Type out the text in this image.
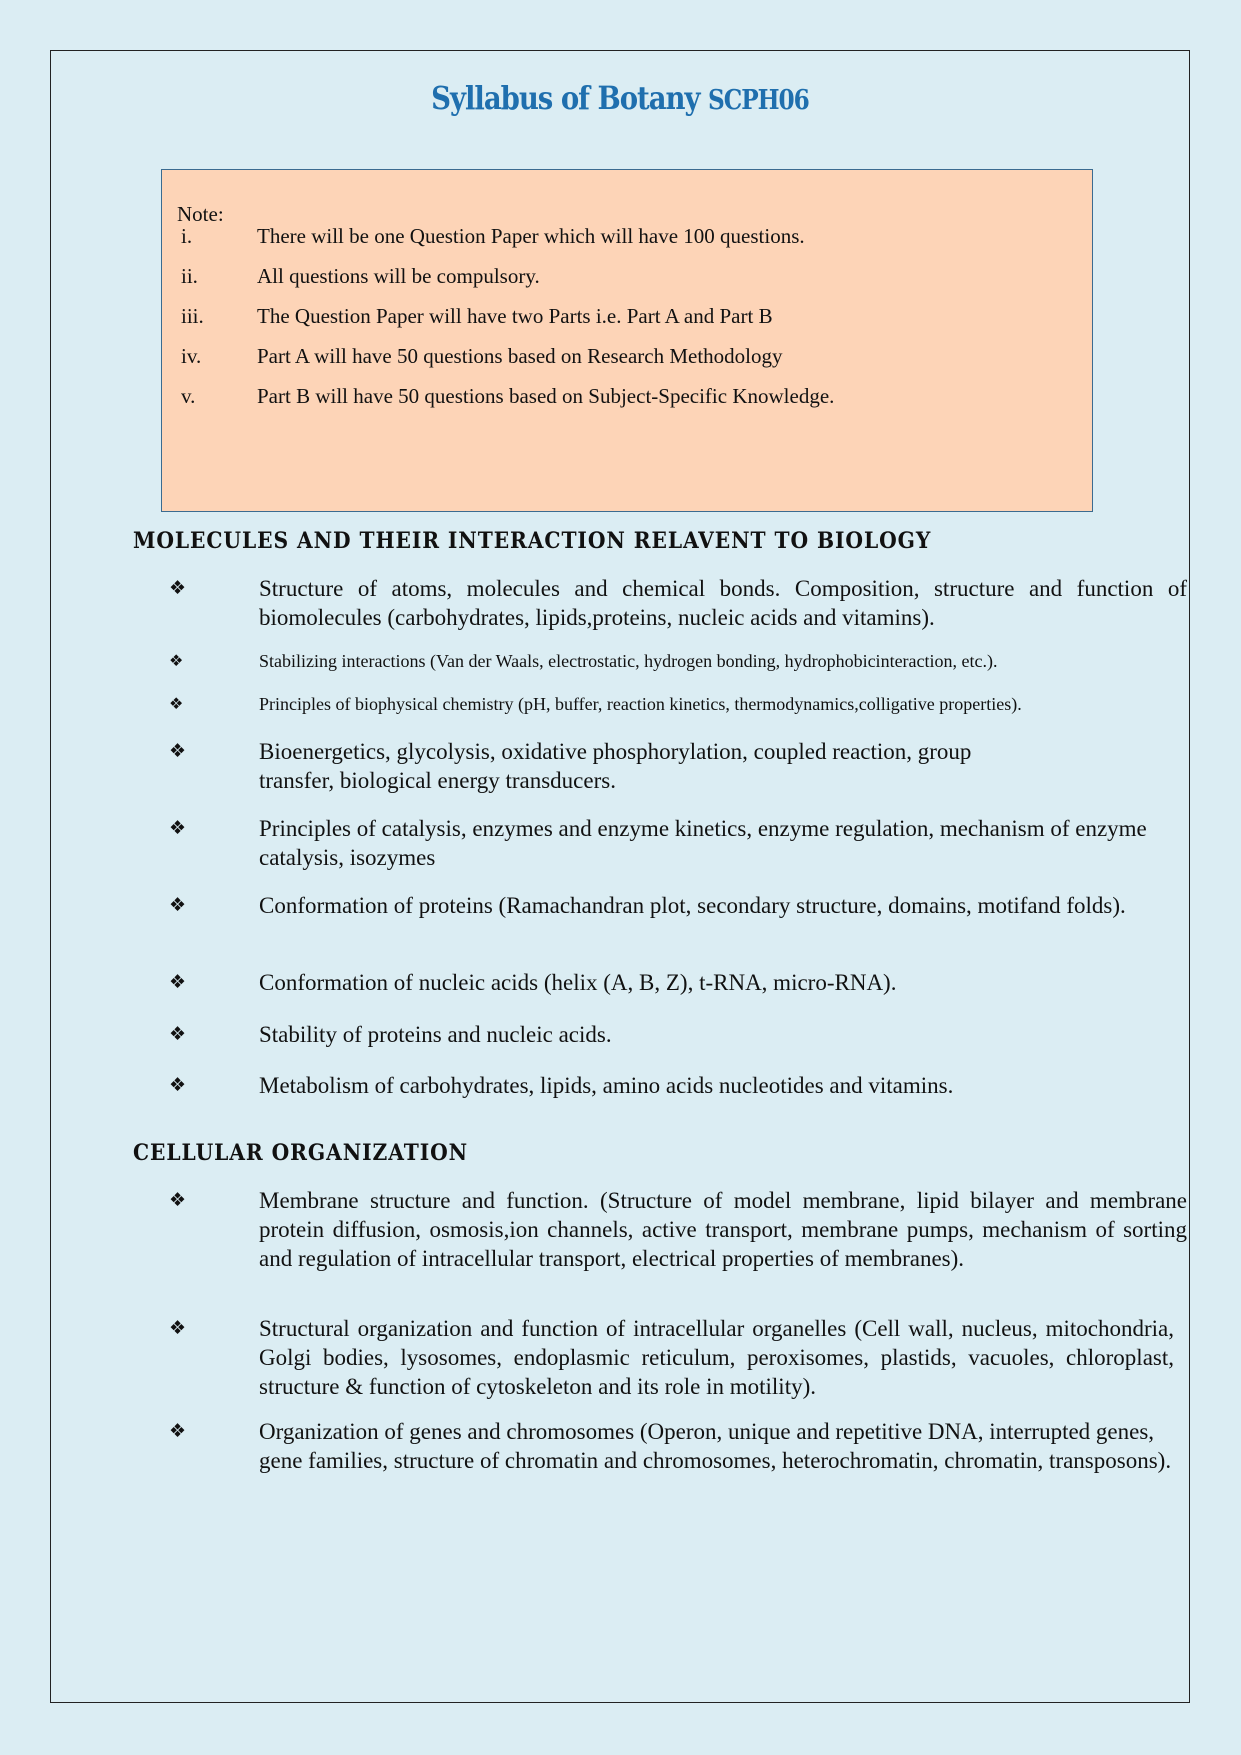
Syllabus of Botany SCPH06
Note:
i.	There will be one Question Paper which will have 100 questions.
ii.	All questions will be compulsory.
iii.	The Question Paper will have two Parts i.e. Part A and Part B
iv.	Part A will have 50 questions based on Research Methodology
v.	Part B will have 50 questions based on Subject-Specific Knowledge.
MOLECULES AND THEIR INTERACTION RELAVENT TO BIOLOGY
❖	Structure of atoms, molecules and chemical bonds. Composition, structure and function of biomolecules (carbohydrates, lipids,proteins, nucleic acids and vitamins).
❖	Stabilizing interactions (Van der Waals, electrostatic, hydrogen bonding, hydrophobicinteraction, etc.).
❖	Principles of biophysical chemistry (pH, buffer, reaction kinetics, thermodynamics,colligative properties).
❖	Bioenergetics, glycolysis, oxidative phosphorylation, coupled reaction, group transfer, biological energy transducers.
❖	Principles of catalysis, enzymes and enzyme kinetics, enzyme regulation, mechanism of enzyme catalysis, isozymes
❖	Conformation of proteins (Ramachandran plot, secondary structure, domains, motifand folds).
❖	Conformation of nucleic acids (helix (A, B, Z), t-RNA, micro-RNA).
❖	Stability of proteins and nucleic acids.
❖	Metabolism of carbohydrates, lipids, amino acids nucleotides and vitamins.
CELLULAR ORGANIZATION
❖	Membrane structure and function. (Structure of model membrane, lipid bilayer and membrane protein diffusion, osmosis,ion channels, active transport, membrane pumps, mechanism of sorting and regulation of intracellular transport, electrical properties of membranes).
❖	Structural organization and function of intracellular organelles (Cell wall, nucleus, mitochondria, Golgi bodies, lysosomes, endoplasmic reticulum, peroxisomes, plastids, vacuoles, chloroplast, structure & function of cytoskeleton and its role in motility).
❖	Organization of genes and chromosomes (Operon, unique and repetitive DNA, interrupted genes, gene families, structure of chromatin and chromosomes, heterochromatin, chromatin, transposons).
